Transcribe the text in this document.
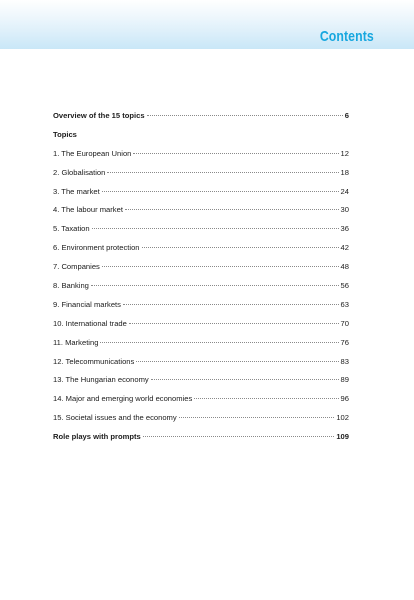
Contents
Overview of the 15 topics	6
Topics
1. The European Union	12
2. Globalisation	18
3. The market	24
4. The labour market	30
5. Taxation	36
6. Environment protection	42
7. Companies	48
8. Banking	56
9. Financial markets	63
10. International trade	70
11. Marketing	76
12. Telecommunications	83
13. The Hungarian economy	89
14. Major and emerging world economies	96
15. Societal issues and the economy	102
Role plays with prompts	109
